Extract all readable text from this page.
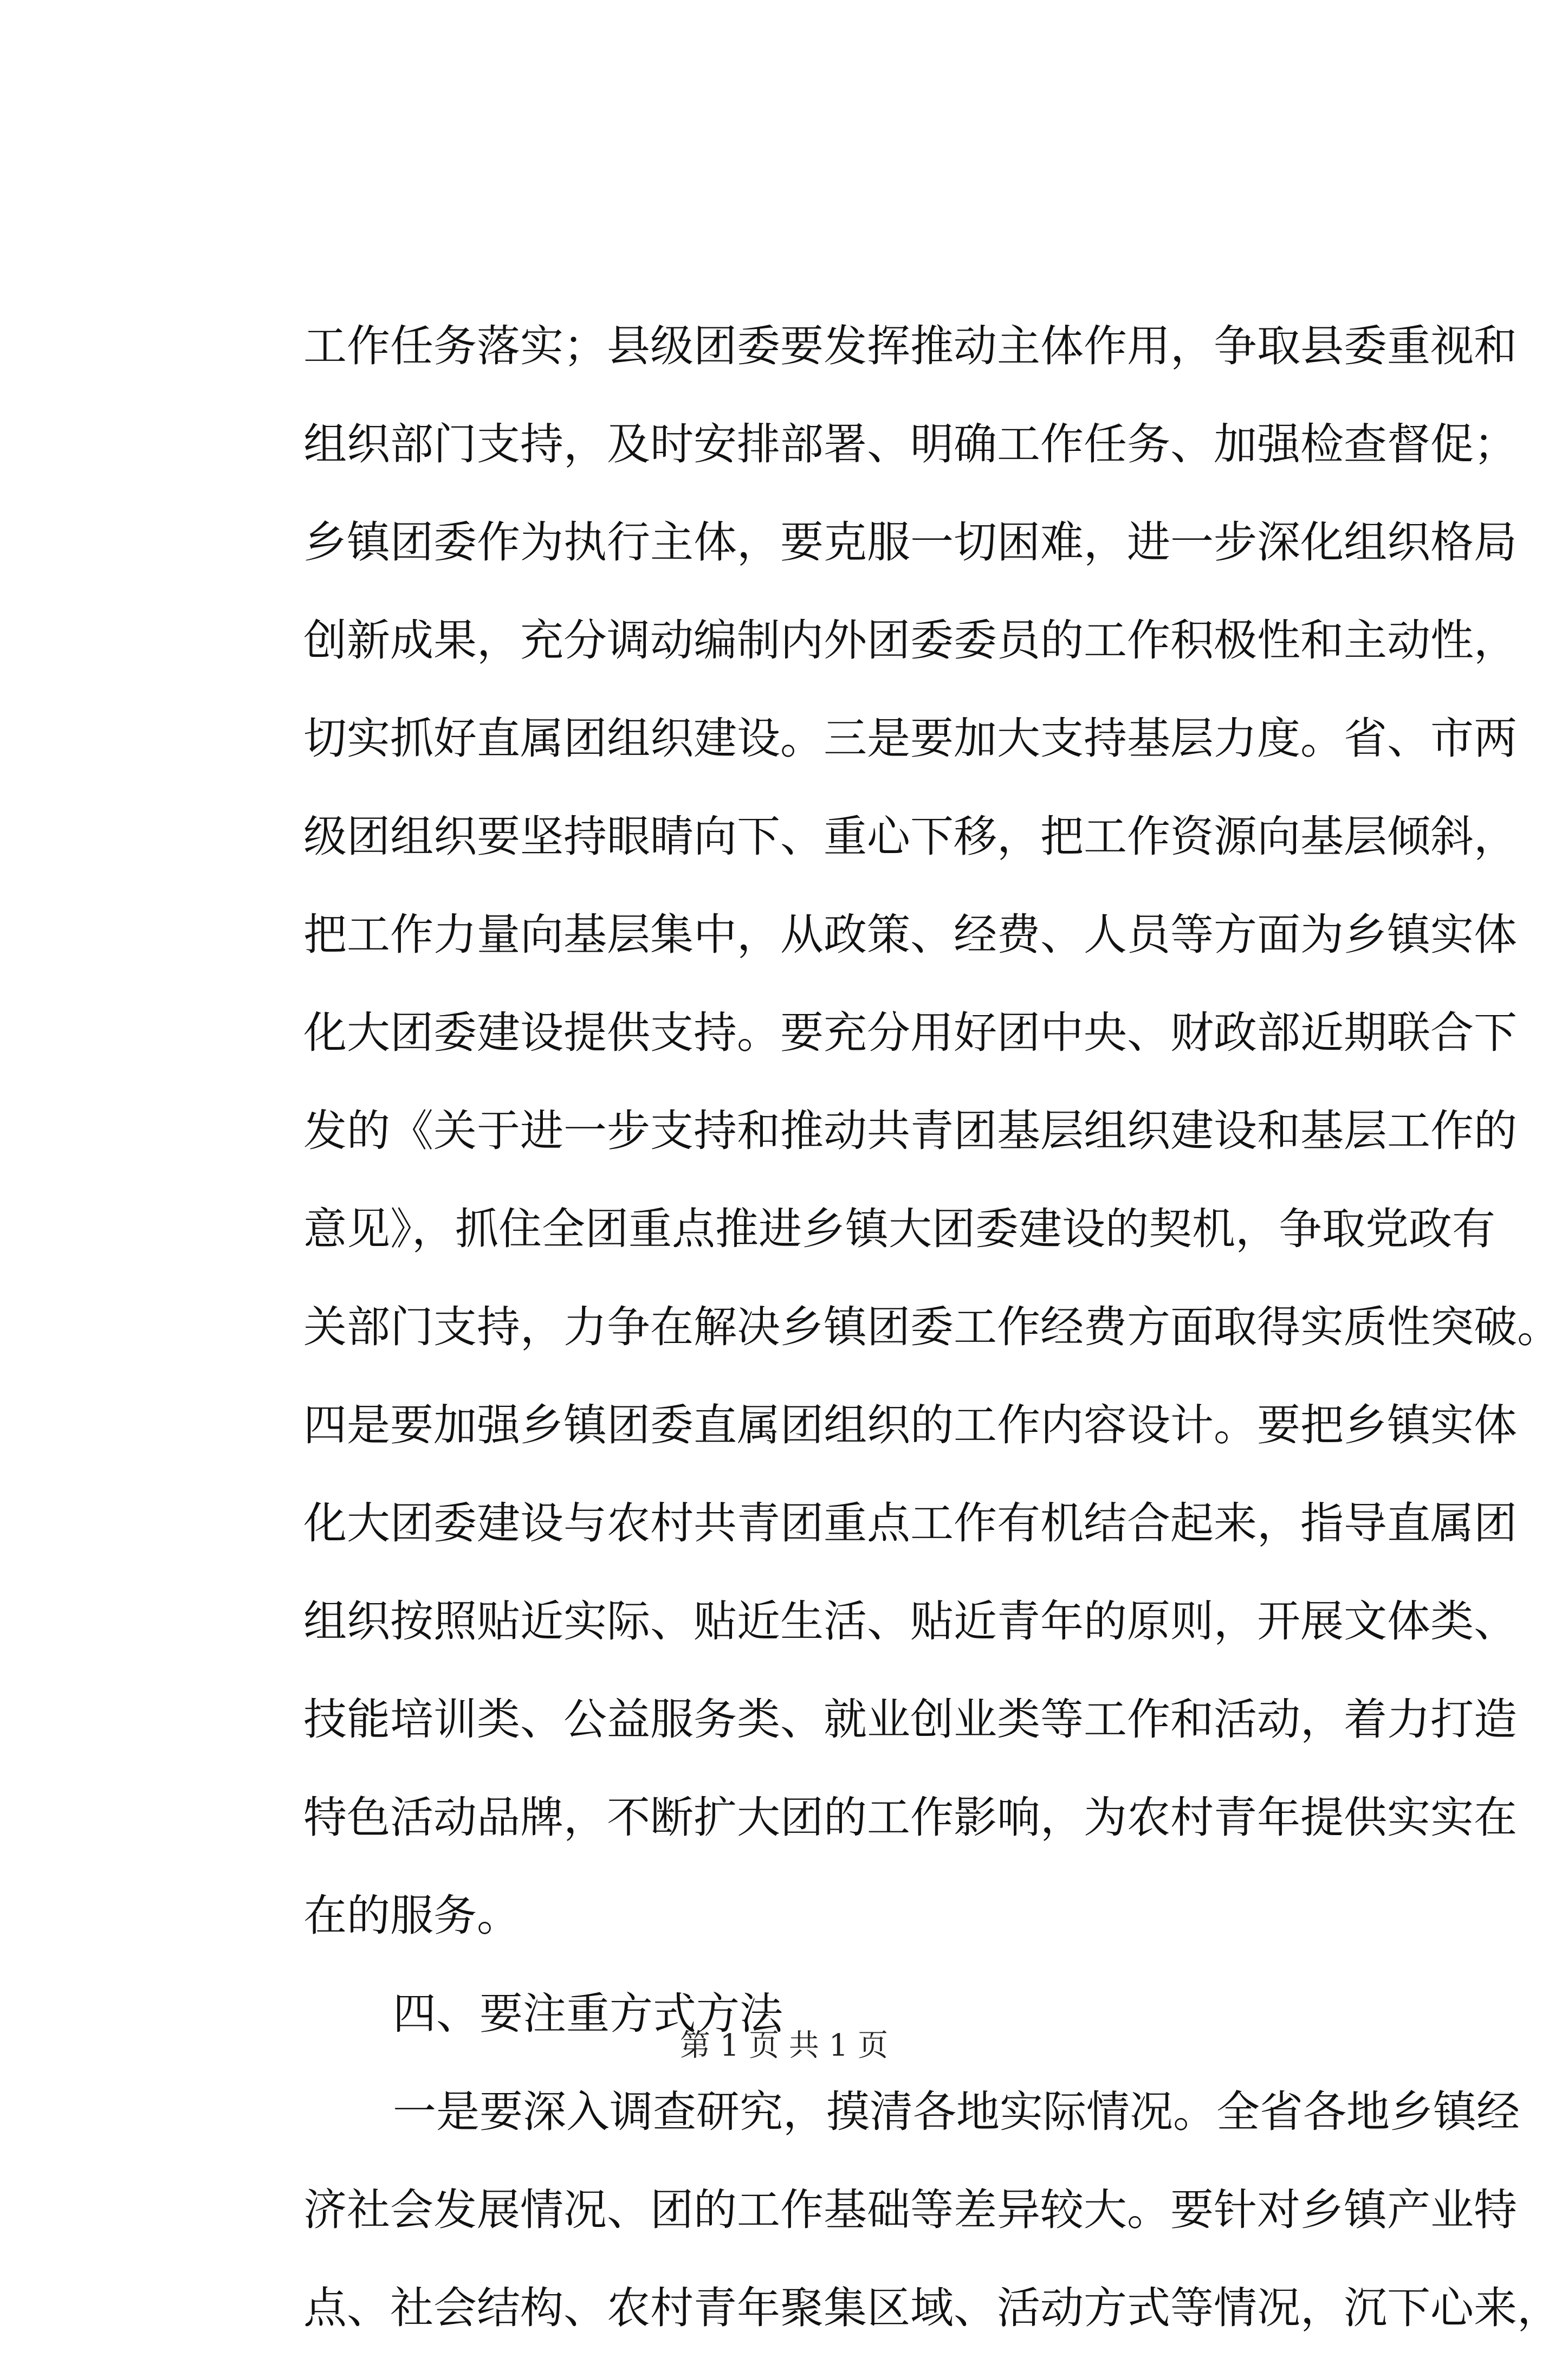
工作任务落实；县级团委要发挥推动主体作用，争取县委重视和
组织部门支持，及时安排部署、明确工作任务、加强检查督促；
乡镇团委作为执行主体，要克服一切困难，进一步深化组织格局
创新成果，充分调动编制内外团委委员的工作积极性和主动性，
切实抓好直属团组织建设。三是要加大支持基层力度。省、市两
级团组织要坚持眼睛向下、重心下移，把工作资源向基层倾斜，
把工作力量向基层集中，从政策、经费、人员等方面为乡镇实体
化大团委建设提供支持。要充分用好团中央、财政部近期联合下
发的《关于进一步支持和推动共青团基层组织建设和基层工作的
意见》，抓住全团重点推进乡镇大团委建设的契机，争取党政有
关部门支持，力争在解决乡镇团委工作经费方面取得实质性突破。
四是要加强乡镇团委直属团组织的工作内容设计。要把乡镇实体
化大团委建设与农村共青团重点工作有机结合起来，指导直属团
组织按照贴近实际、贴近生活、贴近青年的原则，开展文体类、
技能培训类、公益服务类、就业创业类等工作和活动，着力打造
特色活动品牌，不断扩大团的工作影响，为农村青年提供实实在
在的服务。
四、要注重方式方法
一是要深入调查研究，摸清各地实际情况。全省各地乡镇经
济社会发展情况、团的工作基础等差异较大。要针对乡镇产业特
点、社会结构、农村青年聚集区域、活动方式等情况，沉下心来，
第 1 页 共 1 页
